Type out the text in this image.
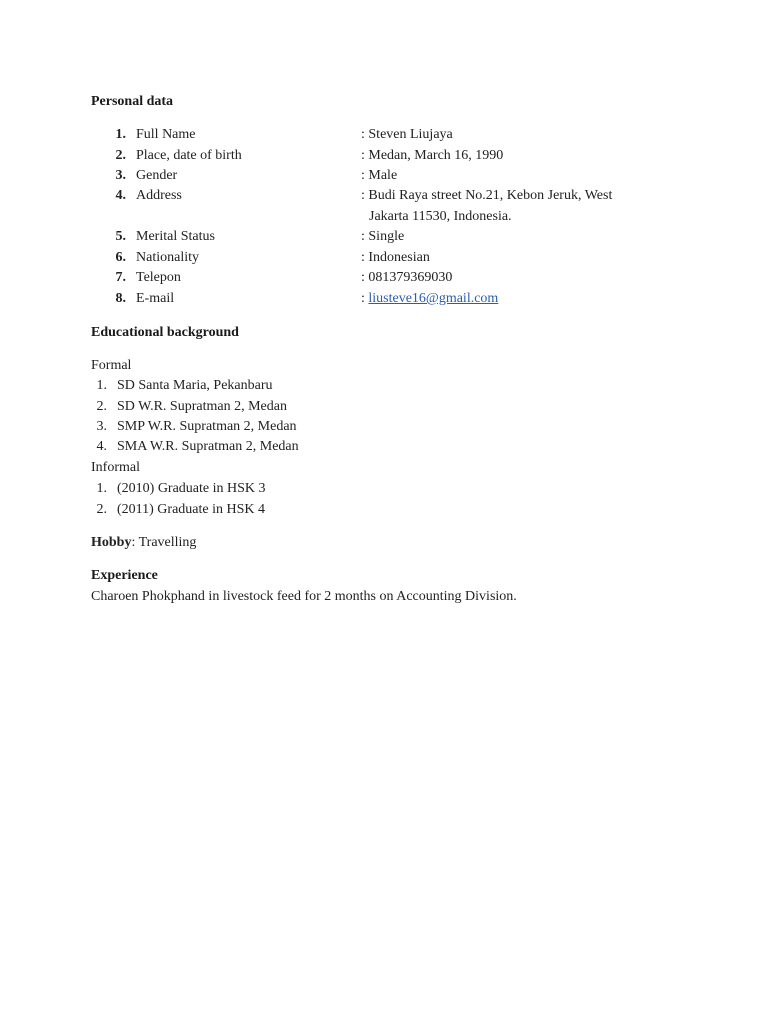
Personal data
1. Full Name	: Steven Liujaya
2. Place, date of birth	: Medan, March 16, 1990
3. Gender	: Male
4. Address	: Budi Raya street No.21, Kebon Jeruk, West
Jakarta 11530, Indonesia.
5. Merital Status	: Single
6. Nationality	: Indonesian
7. Telepon	: 081379369030
8. E-mail	: liusteve16@gmail.com
Educational background
Formal
1. SD Santa Maria, Pekanbaru
2. SD W.R. Supratman 2, Medan
3. SMP W.R. Supratman 2, Medan
4. SMA W.R. Supratman 2, Medan
Informal
1. (2010) Graduate in HSK 3
2. (2011) Graduate in HSK 4
Hobby: Travelling
Experience
Charoen Phokphand in livestock feed for 2 months on Accounting Division.
